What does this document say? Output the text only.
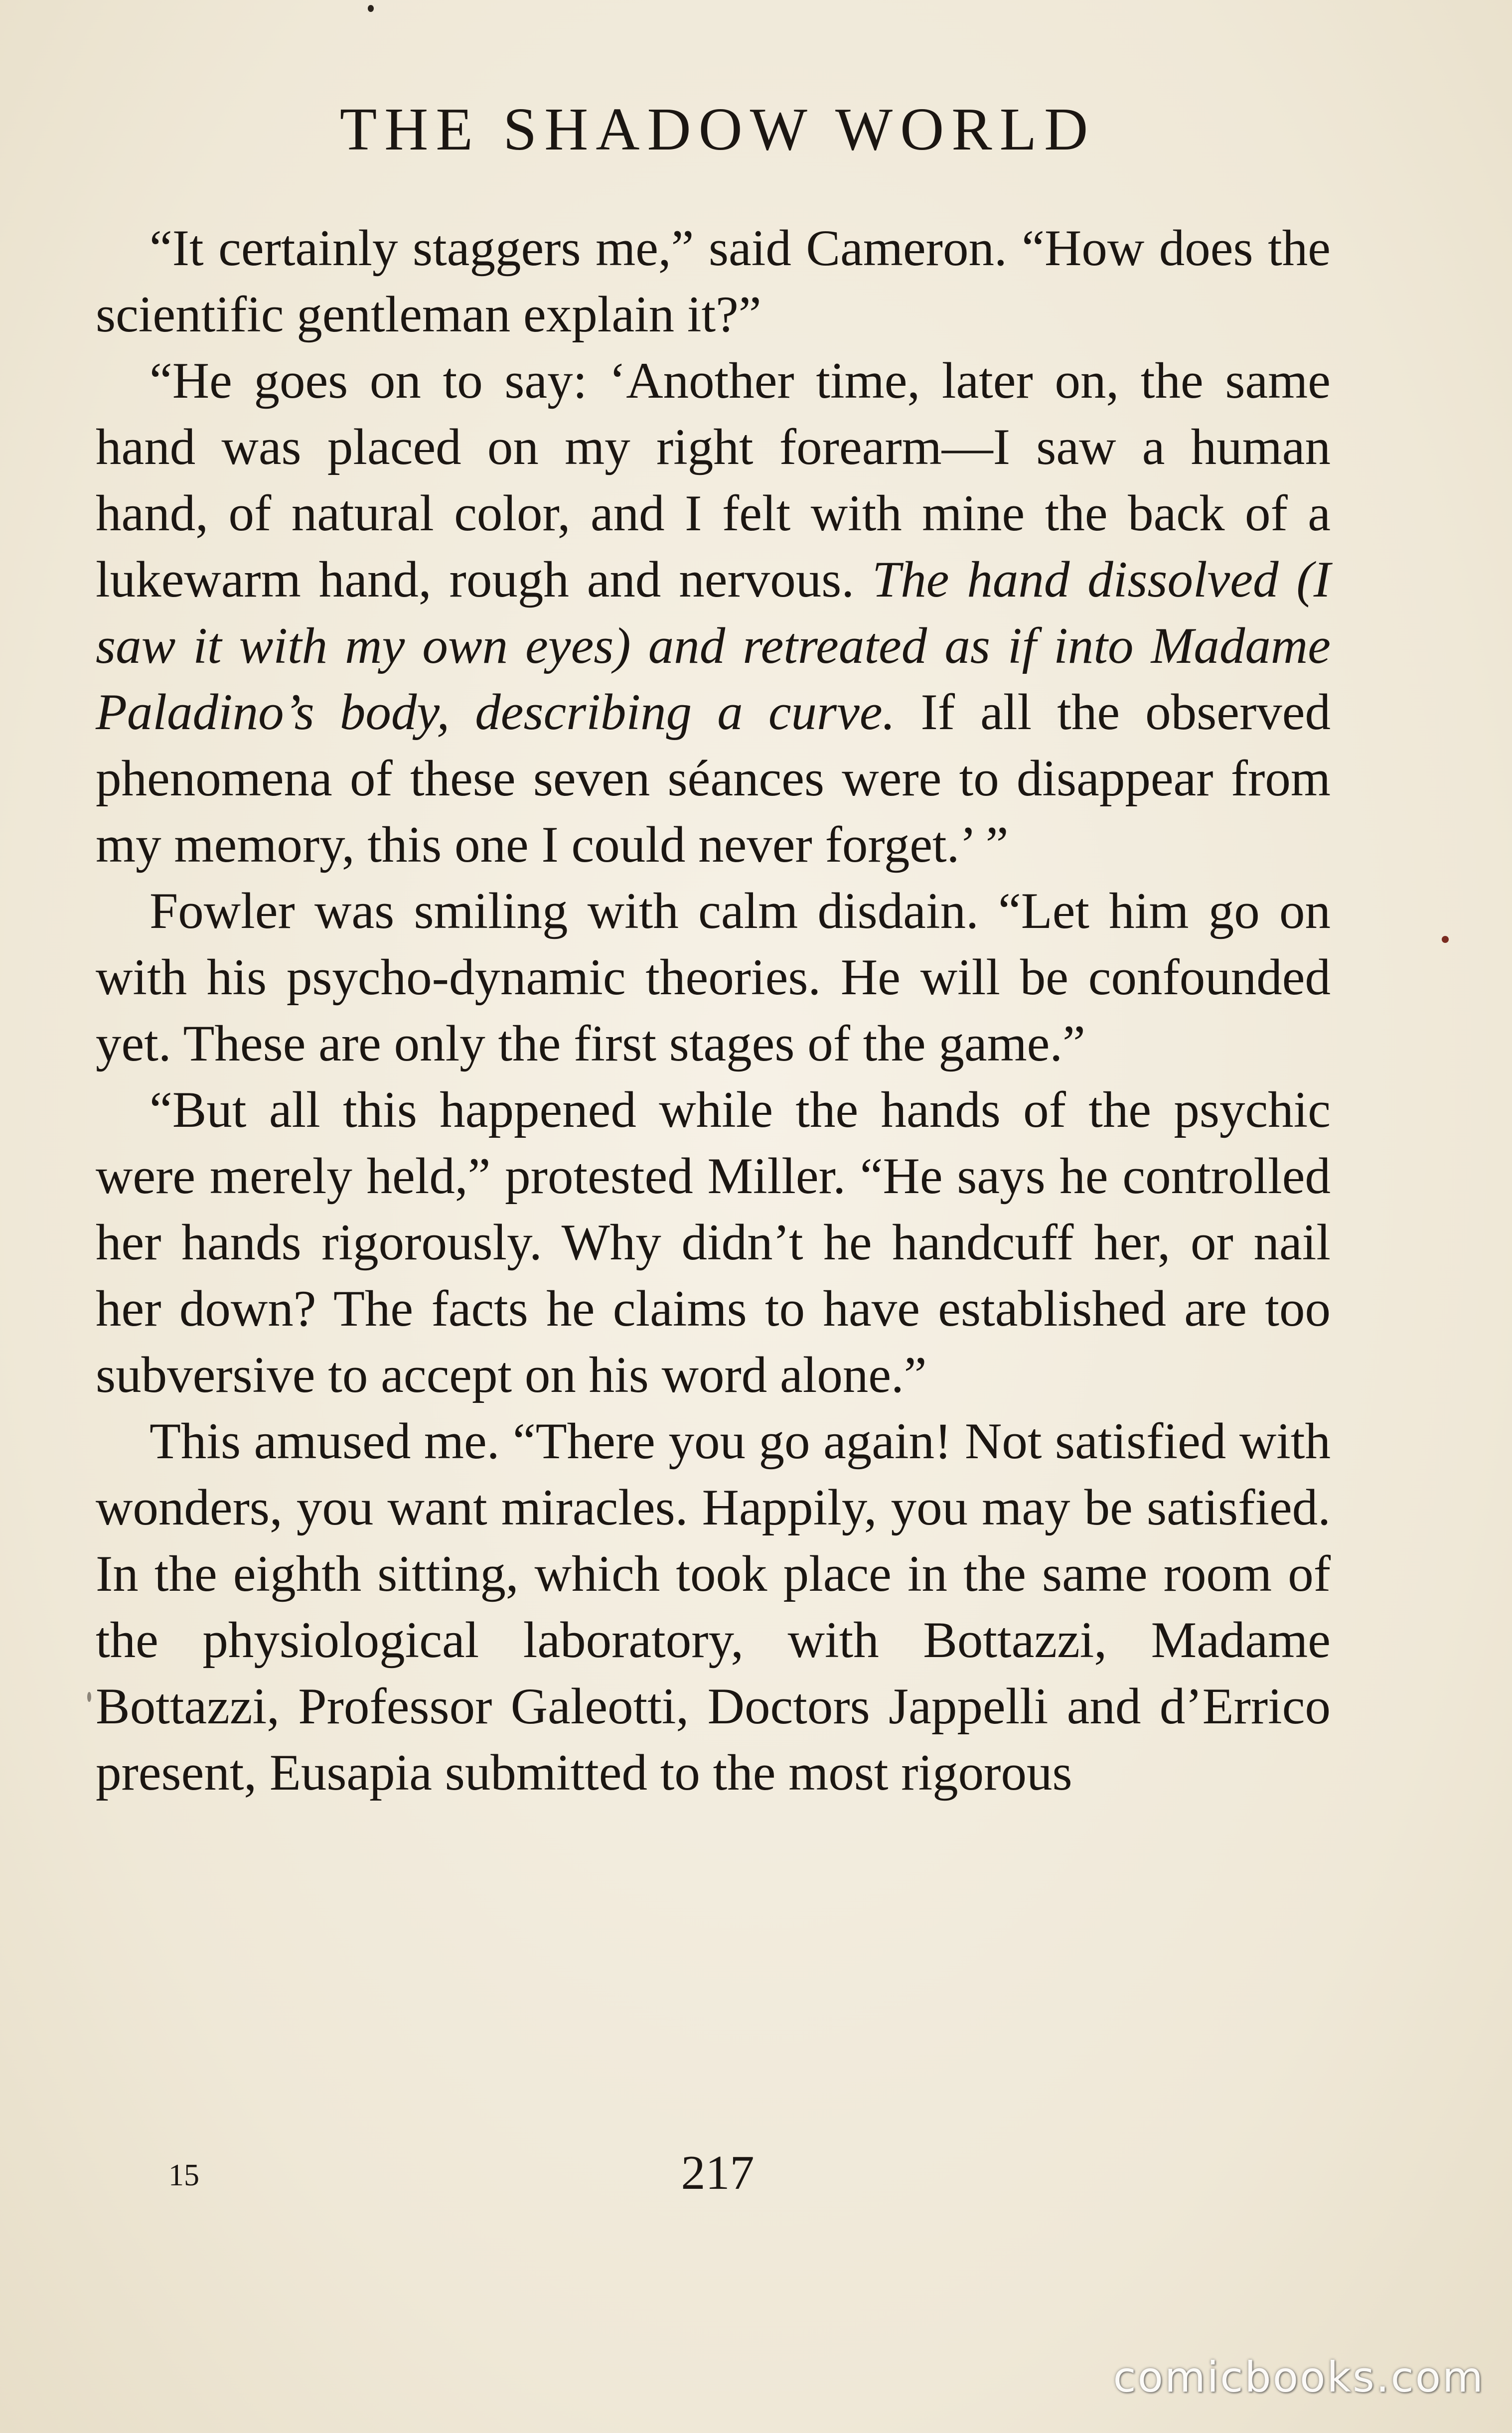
THE SHADOW WORLD

“It certainly staggers me,” said Cameron. “How does the scientific gentleman explain it?”

“He goes on to say: ‘Another time, later on, the same hand was placed on my right forearm—I saw a human hand, of natural color, and I felt with mine the back of a lukewarm hand, rough and nervous. The hand dissolved (I saw it with my own eyes) and retreated as if into Madame Paladino’s body, describing a curve. If all the observed phenomena of these seven séances were to disappear from my memory, this one I could never forget.’ ”

Fowler was smiling with calm disdain. “Let him go on with his psycho-dynamic theories. He will be confounded yet. These are only the first stages of the game.”

“But all this happened while the hands of the psychic were merely held,” protested Miller. “He says he controlled her hands rigorously. Why didn’t he handcuff her, or nail her down? The facts he claims to have established are too subversive to accept on his word alone.”

This amused me. “There you go again! Not satisfied with wonders, you want miracles. Happily, you may be satisfied. In the eighth sitting, which took place in the same room of the physiological laboratory, with Bottazzi, Madame Bottazzi, Professor Galeotti, Doctors Jappelli and d’Errico present, Eusapia submitted to the most rigorous

15	217
comicbooks.com
